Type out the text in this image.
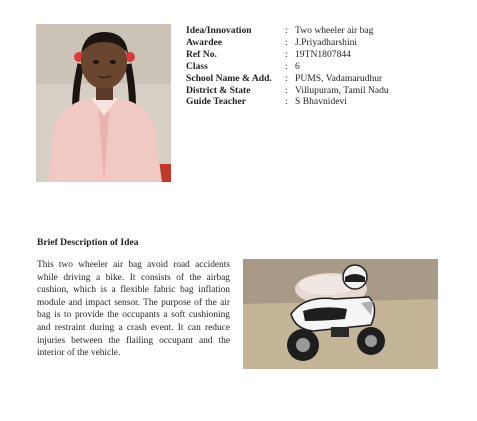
Idea/Innovation	: Two wheeler air bag
Awardee	: J.Priyadharshini
Ref No.	: 19TN1807844
Class	: 6
School Name & Add.	: PUMS, Vadamarudhur
District & State	: Villupuram, Tamil Nadu
Guide Teacher	: S Bhavnidevi
Brief Description of Idea

This two wheeler air bag avoid road accidents while driving a bike. It consists of the airbag cushion, which is a flexible fabric bag inflation module and impact sensor. The purpose of the air bag is to provide the occupants a soft cushioning and restraint during a crash event. It can reduce injuries between the flailing occupant and the interior of the vehicle.
